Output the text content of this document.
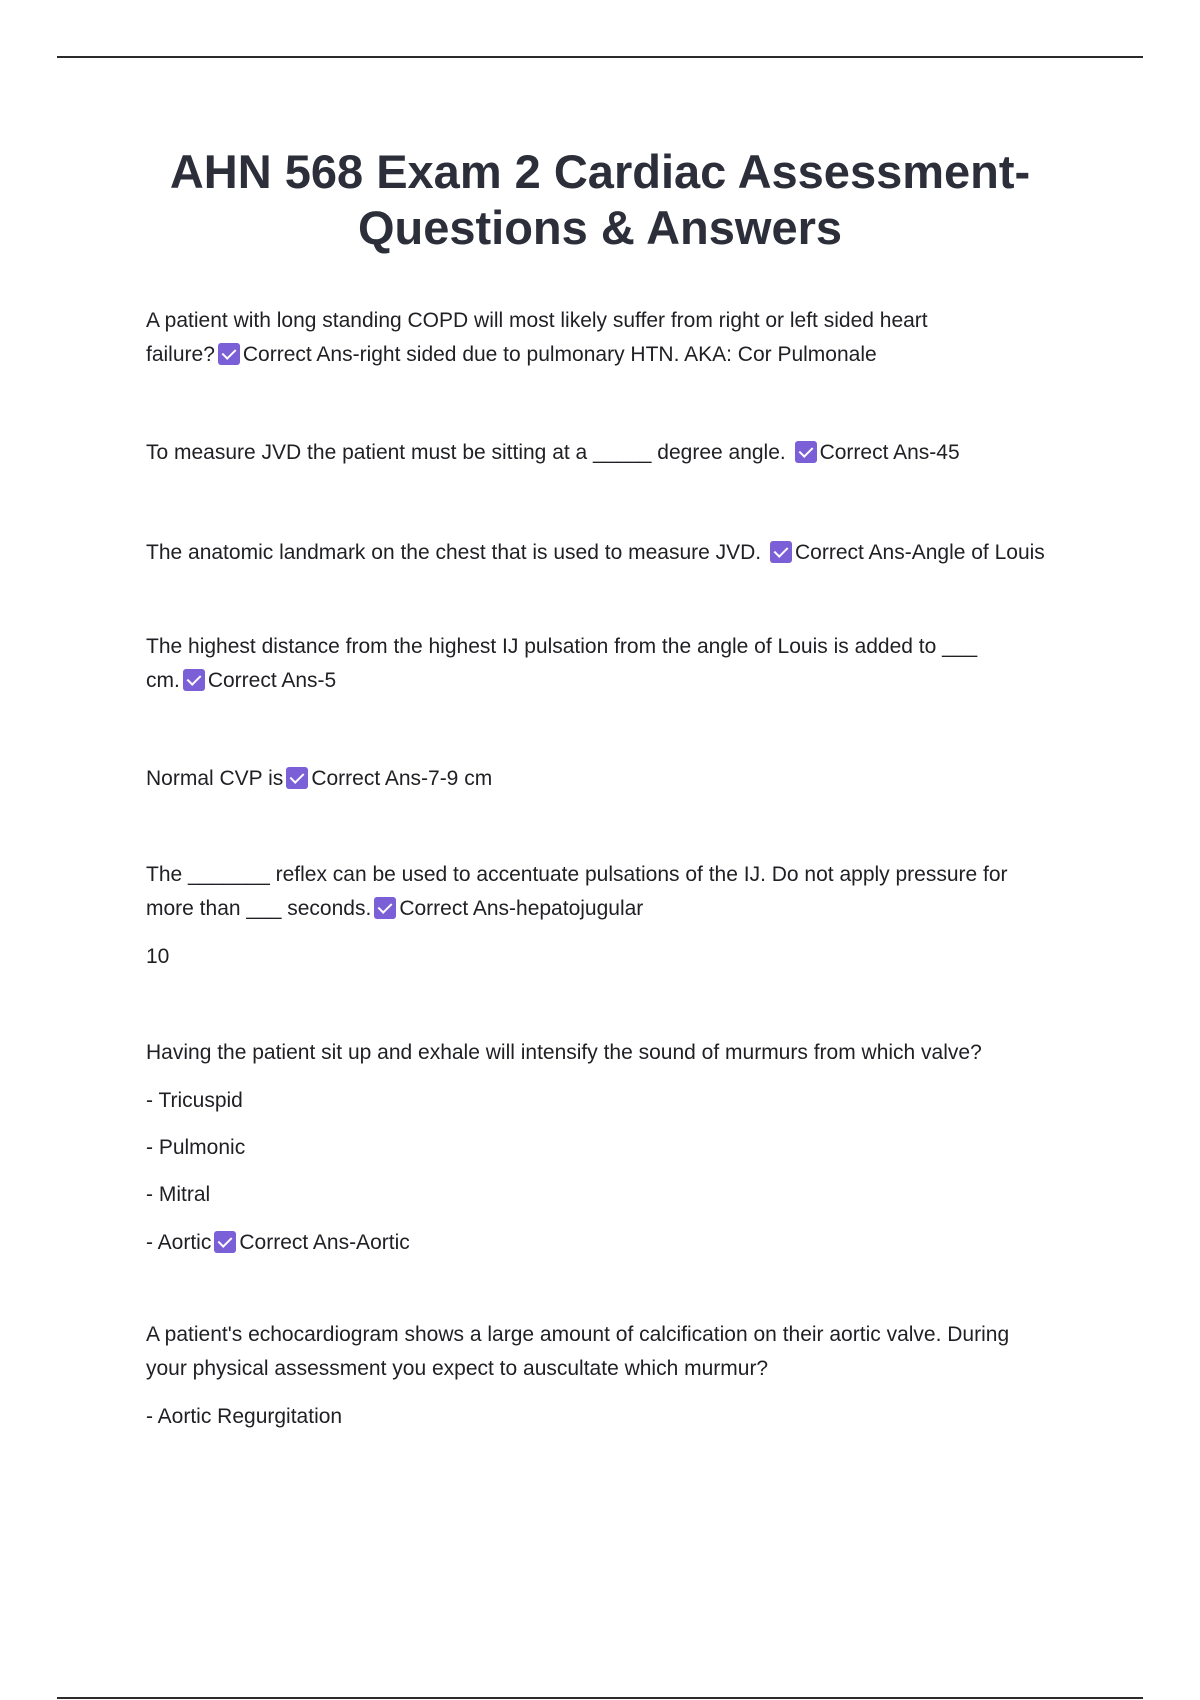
AHN 568 Exam 2 Cardiac Assessment-
Questions & Answers

A patient with long standing COPD will most likely suffer from right or left sided heart

failure? Correct Ans-right sided due to pulmonary HTN. AKA: Cor Pulmonale

To measure JVD the patient must be sitting at a _____ degree angle. Correct Ans-45

The anatomic landmark on the chest that is used to measure JVD. Correct Ans-Angle of Louis

The highest distance from the highest IJ pulsation from the angle of Louis is added to ___

cm. Correct Ans-5

Normal CVP is Correct Ans-7-9 cm

The _______ reflex can be used to accentuate pulsations of the IJ. Do not apply pressure for

more than ___ seconds. Correct Ans-hepatojugular

10

Having the patient sit up and exhale will intensify the sound of murmurs from which valve?

- Tricuspid

- Pulmonic

- Mitral

- Aortic Correct Ans-Aortic

A patient's echocardiogram shows a large amount of calcification on their aortic valve. During

your physical assessment you expect to auscultate which murmur?

- Aortic Regurgitation
